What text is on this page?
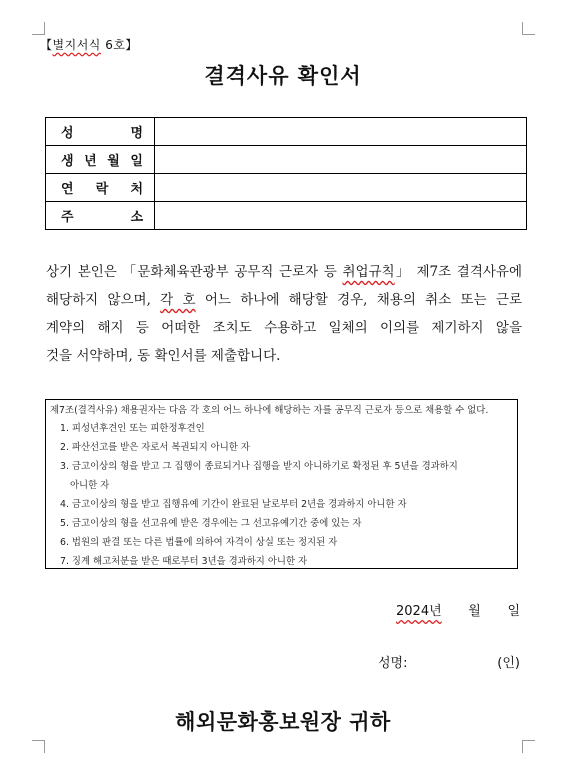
【별지서식 6호】
결격사유 확인서
성 명	

생 년 월 일	

연 락 처	

주 소	

상기 본인은 「문화체육관광부 공무직 근로자 등 취업규칙」 제7조 결격사유에

해당하지 않으며, 각 호 어느 하나에 해당할 경우, 채용의 취소 또는 근로

계약의 해지 등 어떠한 조치도 수용하고 일체의 이의를 제기하지 않을

것을 서약하며, 동 확인서를 제출합니다.

제7조(결격사유) 채용권자는 다음 각 호의 어느 하나에 해당하는 자를 공무직 근로자 등으로 채용할 수 없다.
1. 피성년후견인 또는 피한정후견인
2. 파산선고를 받은 자로서 복권되지 아니한 자
3. 금고이상의 형을 받고 그 집행이 종료되거나 집행을 받지 아니하기로 확정된 후 5년을 경과하지
아니한 자
4. 금고이상의 형을 받고 집행유예 기간이 완료된 날로부터 2년을 경과하지 아니한 자
5. 금고이상의 형을 선고유예 받은 경우에는 그 선고유예기간 중에 있는 자
6. 법원의 판결 또는 다른 법률에 의하여 자격이 상실 또는 정지된 자
7. 징계 해고처분을 받은 때로부터 3년을 경과하지 아니한 자
2024년 월 일
성명:	(인)
해외문화홍보원장 귀하
